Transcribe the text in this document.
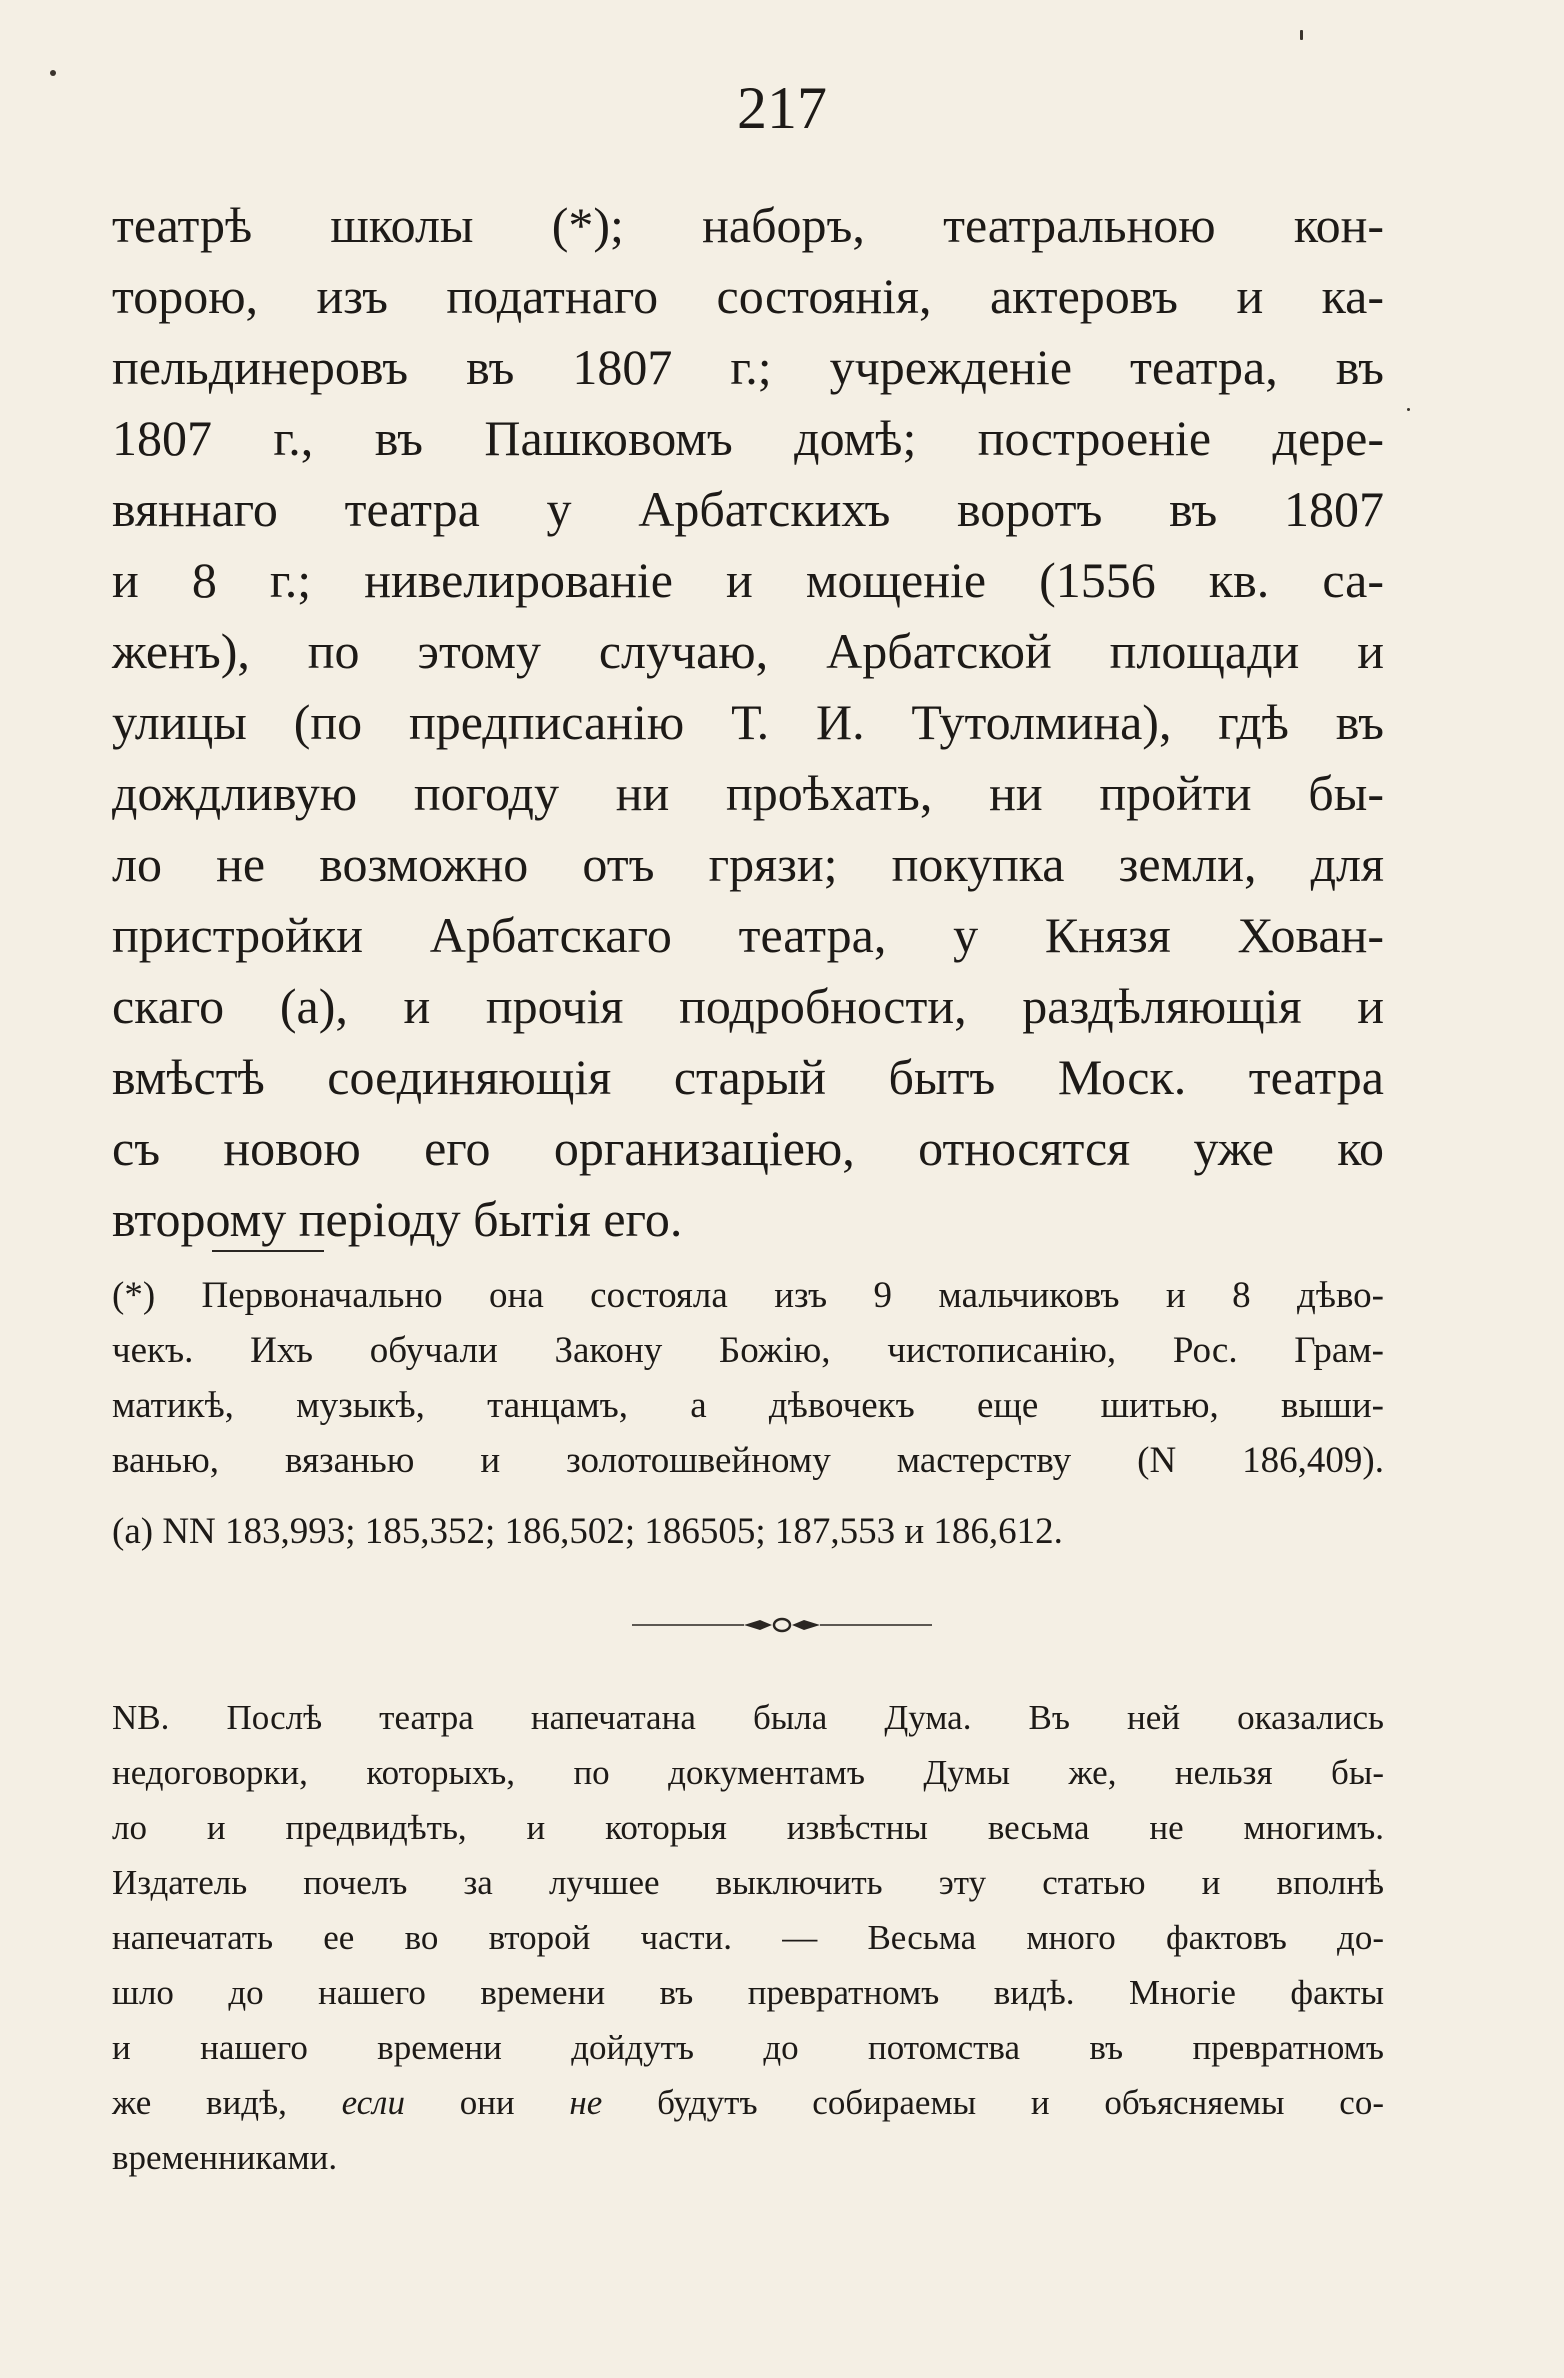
217
театрѣ школы (*); наборъ, театральною кон-
торою, изъ податнаго состоянія, актеровъ и ка-
пельдинеровъ въ 1807 г.; учрежденіе театра, въ
1807 г., въ Пашковомъ домѣ; построеніе дере-
вяннаго театра у Арбатскихъ воротъ въ 1807
и 8 г.; нивелированіе и мощеніе (1556 кв. са-
женъ), по этому случаю, Арбатской площади и
улицы (по предписанію Т. И. Тутолмина), гдѣ въ
дождливую погоду ни проѣхать, ни пройти бы-
ло не возможно отъ грязи; покупка земли, для
пристройки Арбатскаго театра, у Князя Хован-
скаго (а), и прочія подробности, раздѣляющія и
вмѣстѣ соединяющія старый бытъ Моск. театра
съ новою его организаціею, относятся уже ко
второму періоду бытія его.
(*) Первоначально она состояла изъ 9 мальчиковъ и 8 дѣво-
чекъ. Ихъ обучали Закону Божію, чистописанію, Рос. Грам-
матикѣ, музыкѣ, танцамъ, а дѣвочекъ еще шитью, выши-
ванью, вязанью и золотошвейному мастерству (N 186,409).
(а) NN 183,993; 185,352; 186,502; 186505; 187,553 и 186,612.
NB. Послѣ театра напечатана была Дума. Въ ней оказались
недоговорки, которыхъ, по документамъ Думы же, нельзя бы-
ло и предвидѣть, и которыя извѣстны весьма не многимъ.
Издатель почелъ за лучшее выключить эту статью и вполнѣ
напечатать ее во второй части. — Весьма много фактовъ до-
шло до нашего времени въ превратномъ видѣ. Многіе факты
и нашего времени дойдутъ до потомства въ превратномъ
же видѣ, если они не будутъ собираемы и объясняемы со-
временниками.
